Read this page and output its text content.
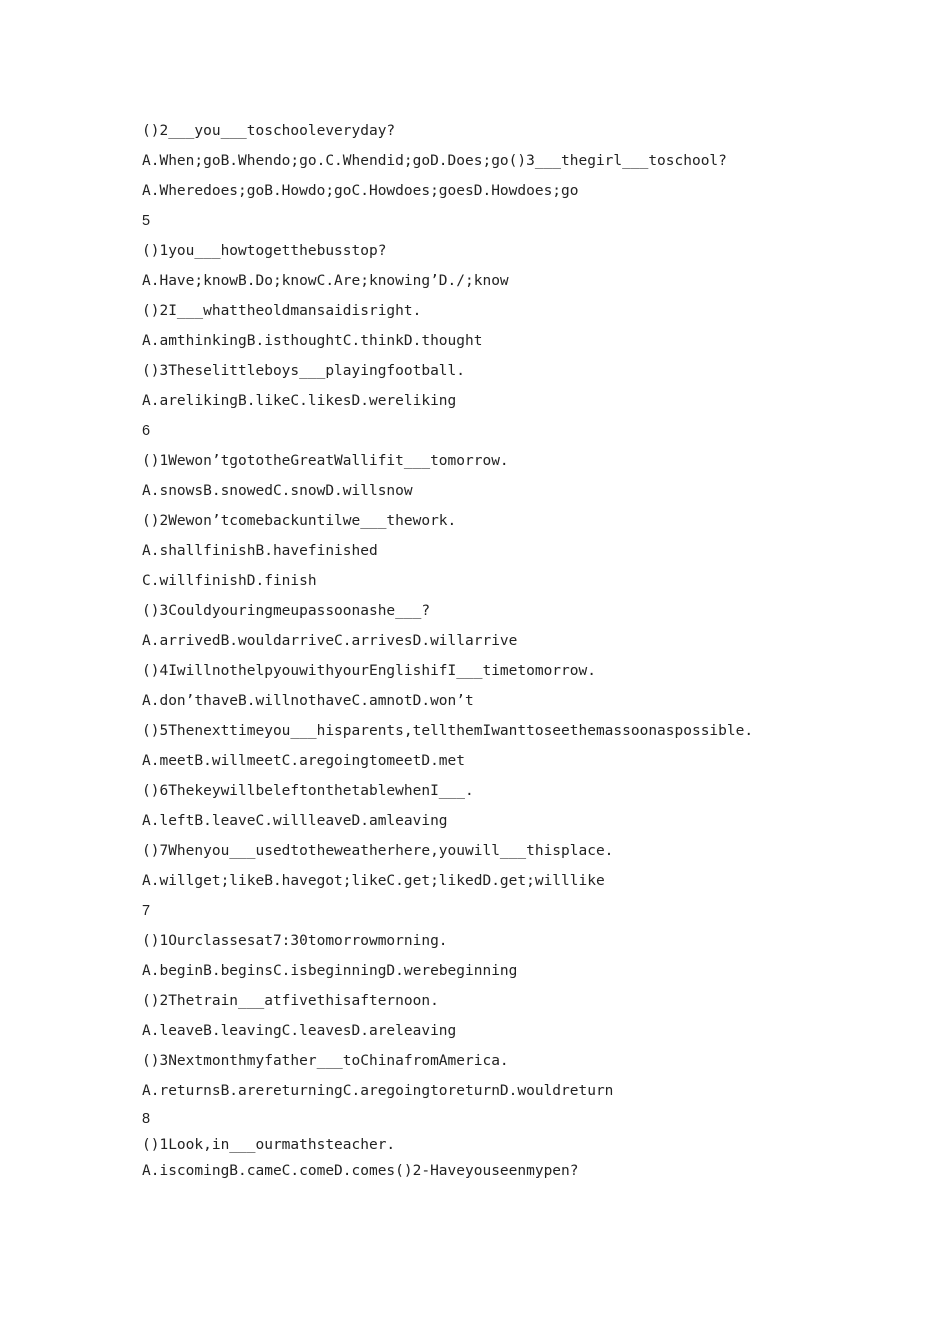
()2___you___toschooleveryday?
A.When;goB.Whendo;go.C.Whendid;goD.Does;go()3___thegirl___toschool?
A.Wheredoes;goB.Howdo;goC.Howdoes;goesD.Howdoes;go
5
()1you___howtogetthebusstop?
A.Have;knowB.Do;knowC.Are;knowing’D./;know
()2I___whattheoldmansaidisright.
A.amthinkingB.isthoughtC.thinkD.thought
()3Theselittleboys___playingfootball.
A.arelikingB.likeC.likesD.wereliking
6
()1Wewon’tgototheGreatWallifit___tomorrow.
A.snowsB.snowedC.snowD.willsnow
()2Wewon’tcomebackuntilwe___thework.
A.shallfinishB.havefinished
C.willfinishD.finish
()3Couldyouringmeupassoonashe___?
A.arrivedB.wouldarriveC.arrivesD.willarrive
()4IwillnothelpyouwithyourEnglishifI___timetomorrow.
A.don’thaveB.willnothaveC.amnotD.won’t
()5Thenexttimeyou___hisparents,tellthemIwanttoseethemassoonaspossible.
A.meetB.willmeetC.aregoingtomeetD.met
()6ThekeywillbeleftonthetablewhenI___.
A.leftB.leaveC.willleaveD.amleaving
()7Whenyou___usedtotheweatherhere,youwill___thisplace.
A.willget;likeB.havegot;likeC.get;likedD.get;willlike
7
()1Ourclassesat7:30tomorrowmorning.
A.beginB.beginsC.isbeginningD.werebeginning
()2Thetrain___atfivethisafternoon.
A.leaveB.leavingC.leavesD.areleaving
()3Nextmonthmyfather___toChinafromAmerica.
A.returnsB.arereturningC.aregoingtoreturnD.wouldreturn
8
()1Look,in___ourmathsteacher.
A.iscomingB.cameC.comeD.comes()2-Haveyouseenmypen?
